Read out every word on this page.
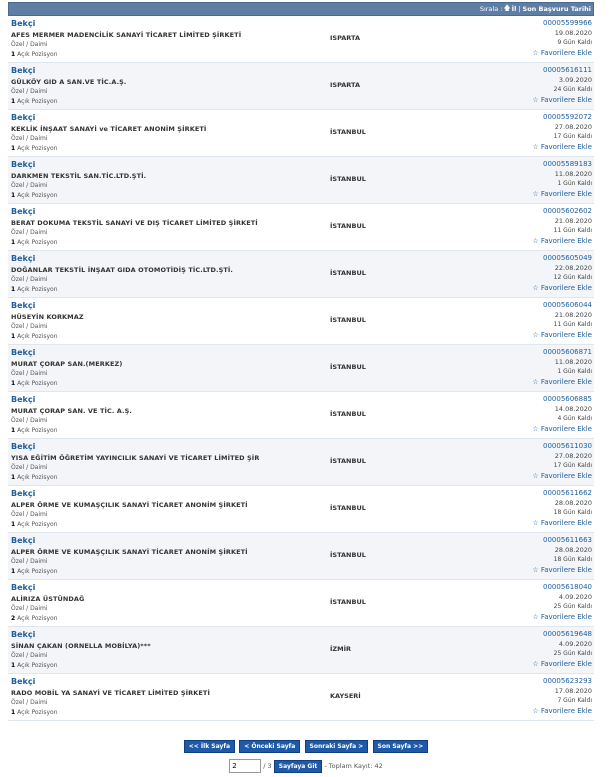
Sırala : 🡅 İl | Son Başvuru Tarihi
Bekçi
AFES MERMER MADENCİLİK SANAYİ TİCARET LİMİTED ŞİRKETİ
Özel / Daimi
1 Açık Pozisyon
ISPARTA
00005599966
19.08.2020
9 Gün Kaldı
☆ Favorilere Ekle
Bekçi
GÜLKÖY GID A SAN.VE TİC.A.Ş.
Özel / Daimi
1 Açık Pozisyon
ISPARTA
00005616111
3.09.2020
24 Gün Kaldı
☆ Favorilere Ekle
Bekçi
KEKLİK İNŞAAT SANAYİ ve TİCARET ANONİM ŞİRKETİ
Özel / Daimi
1 Açık Pozisyon
İSTANBUL
00005592072
27.08.2020
17 Gün Kaldı
☆ Favorilere Ekle
Bekçi
DARKMEN TEKSTİL SAN.TİC.LTD.ŞTİ.
Özel / Daimi
1 Açık Pozisyon
İSTANBUL
00005589183
11.08.2020
1 Gün Kaldı
☆ Favorilere Ekle
Bekçi
BERAT DOKUMA TEKSTİL SANAYİ VE DIŞ TİCARET LİMİTED ŞİRKETİ
Özel / Daimi
1 Açık Pozisyon
İSTANBUL
00005602602
21.08.2020
11 Gün Kaldı
☆ Favorilere Ekle
Bekçi
DOĞANLAR TEKSTİL İNŞAAT GIDA OTOMOTİDİŞ TİC.LTD.ŞTİ.
Özel / Daimi
1 Açık Pozisyon
İSTANBUL
00005605049
22.08.2020
12 Gün Kaldı
☆ Favorilere Ekle
Bekçi
HÜSEYİN KORKMAZ
Özel / Daimi
1 Açık Pozisyon
İSTANBUL
00005606044
21.08.2020
11 Gün Kaldı
☆ Favorilere Ekle
Bekçi
MURAT ÇORAP SAN.(MERKEZ)
Özel / Daimi
1 Açık Pozisyon
İSTANBUL
00005606871
11.08.2020
1 Gün Kaldı
☆ Favorilere Ekle
Bekçi
MURAT ÇORAP SAN. VE TİC. A.Ş.
Özel / Daimi
1 Açık Pozisyon
İSTANBUL
00005606885
14.08.2020
4 Gün Kaldı
☆ Favorilere Ekle
Bekçi
YISA EĞİTİM ÖĞRETİM YAYINCILIK SANAYİ VE TİCARET LİMİTED ŞİR
Özel / Daimi
1 Açık Pozisyon
İSTANBUL
00005611030
27.08.2020
17 Gün Kaldı
☆ Favorilere Ekle
Bekçi
ALPER ÖRME VE KUMAŞÇILIK SANAYİ TİCARET ANONİM ŞİRKETİ
Özel / Daimi
1 Açık Pozisyon
İSTANBUL
00005611662
28.08.2020
18 Gün Kaldı
☆ Favorilere Ekle
Bekçi
ALPER ÖRME VE KUMAŞÇILIK SANAYİ TİCARET ANONİM ŞİRKETİ
Özel / Daimi
1 Açık Pozisyon
İSTANBUL
00005611663
28.08.2020
18 Gün Kaldı
☆ Favorilere Ekle
Bekçi
ALİRIZA ÜSTÜNDAĞ
Özel / Daimi
2 Açık Pozisyon
İSTANBUL
00005618040
4.09.2020
25 Gün Kaldı
☆ Favorilere Ekle
Bekçi
SİNAN ÇAKAN (ORNELLA MOBİLYA)***
Özel / Daimi
1 Açık Pozisyon
İZMİR
00005619648
4.09.2020
25 Gün Kaldı
☆ Favorilere Ekle
Bekçi
RADO MOBİL YA SANAYİ VE TİCARET LİMİTED ŞİRKETİ
Özel / Daimi
1 Açık Pozisyon
KAYSERİ
00005623293
17.08.2020
7 Gün Kaldı
☆ Favorilere Ekle
<< İlk Sayfa < Önceki Sayfa Sonraki Sayfa > Son Sayfa >>
2	/ 3 Sayfaya Git - Toplam Kayıt: 42
